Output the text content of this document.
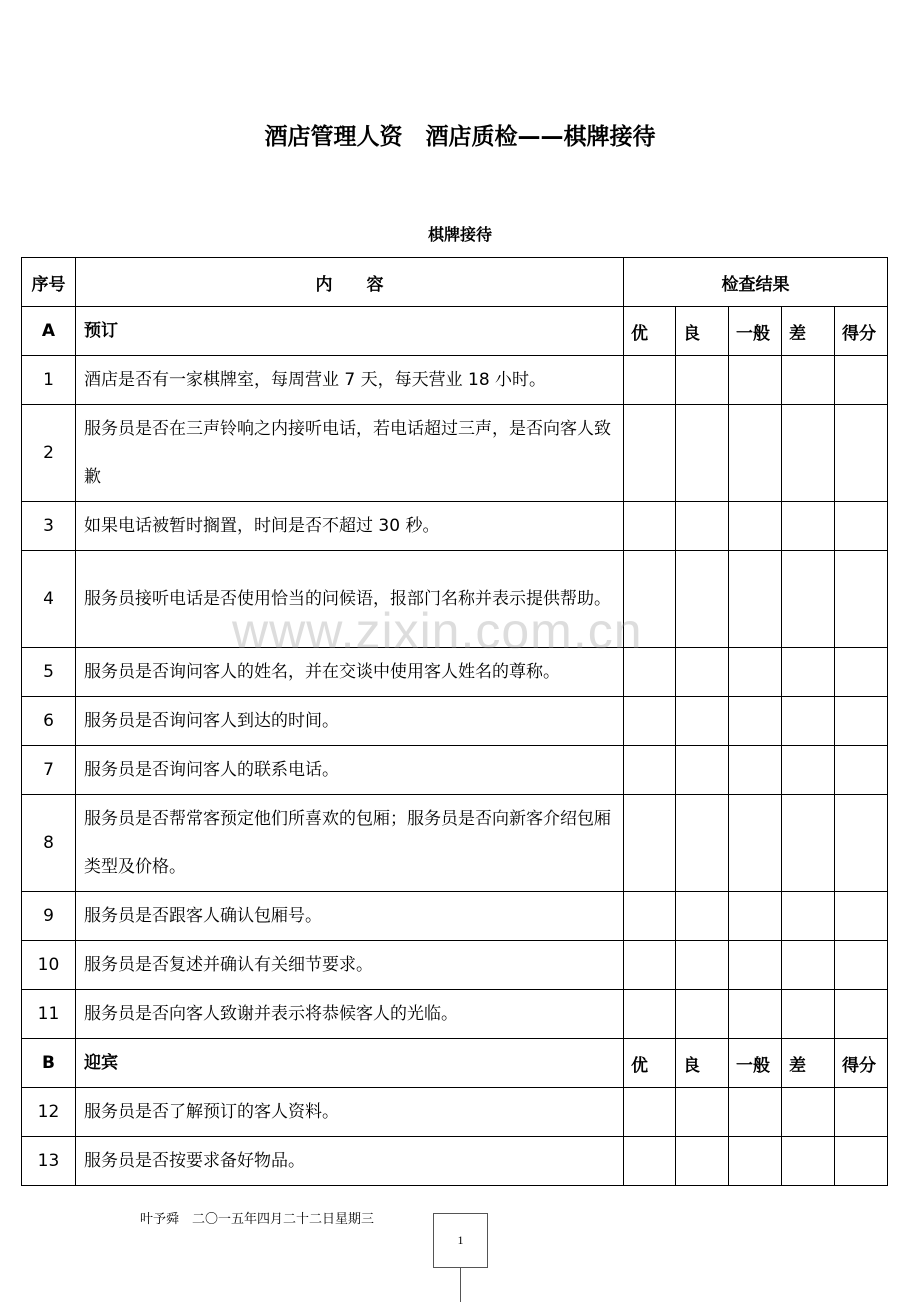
酒店管理人资　酒店质检——棋牌接待
棋牌接待
序号	内　　容	检查结果				
A	预订	优	良	一般	差	得分
1	酒店是否有一家棋牌室，每周营业 7 天，每天营业 18 小时。					
2	服务员是否在三声铃响之内接听电话，若电话超过三声，是否向客人致歉					
3	如果电话被暂时搁置，时间是否不超过 30 秒。					
4	服务员接听电话是否使用恰当的问候语，报部门名称并表示提供帮助。					
5	服务员是否询问客人的姓名，并在交谈中使用客人姓名的尊称。					
6	服务员是否询问客人到达的时间。					
7	服务员是否询问客人的联系电话。					
8	服务员是否帮常客预定他们所喜欢的包厢；服务员是否向新客介绍包厢类型及价格。					
9	服务员是否跟客人确认包厢号。					
10	服务员是否复述并确认有关细节要求。					
11	服务员是否向客人致谢并表示将恭候客人的光临。					
B	迎宾	优	良	一般	差	得分
12	服务员是否了解预订的客人资料。					
13	服务员是否按要求备好物品。					
www.zixin.com.cn
叶予舜　二〇一五年四月二十二日星期三
1
